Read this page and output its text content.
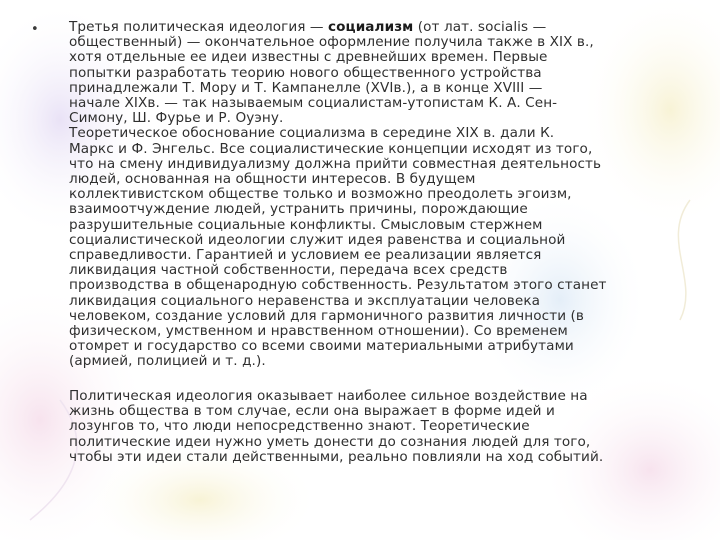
• Третья политическая идеология — социализм (от лат. socialis —
общественный) — окончательное оформление получила также в XIX в.,
хотя отдельные ее идеи известны с древнейших времен. Первые
попытки разработать теорию нового общественного устройства
принадлежали Т. Мору и Т. Кампанелле (XVIв.), а в конце XVIII —
начале XIXв. — так называемым социалистам-утопистам К. А. Сен-
Симону, Ш. Фурье и Р. Оуэну.
Теоретическое обоснование социализма в середине XIX в. дали К.
Маркс и Ф. Энгельс. Все социалистические концепции исходят из того,
что на смену индивидуализму должна прийти совместная деятельность
людей, основанная на общности интересов. В будущем
коллективистском обществе только и возможно преодолеть эгоизм,
взаимоотчуждение людей, устранить причины, порождающие
разрушительные социальные конфликты. Смысловым стержнем
социалистической идеологии служит идея равенства и социальной
справедливости. Гарантией и условием ее реализации является
ликвидация частной собственности, передача всех средств
производства в общенародную собственность. Результатом этого станет
ликвидация социального неравенства и эксплуатации человека
человеком, создание условий для гармоничного развития личности (в
физическом, умственном и нравственном отношении). Со временем
отомрет и государство со всеми своими материальными атрибутами
(армией, полицией и т. д.).
Политическая идеология оказывает наиболее сильное воздействие на
жизнь общества в том случае, если она выражает в форме идей и
лозунгов то, что люди непосредственно знают. Теоретические
политические идеи нужно уметь донести до сознания людей для того,
чтобы эти идеи стали действенными, реально повлияли на ход событий.
